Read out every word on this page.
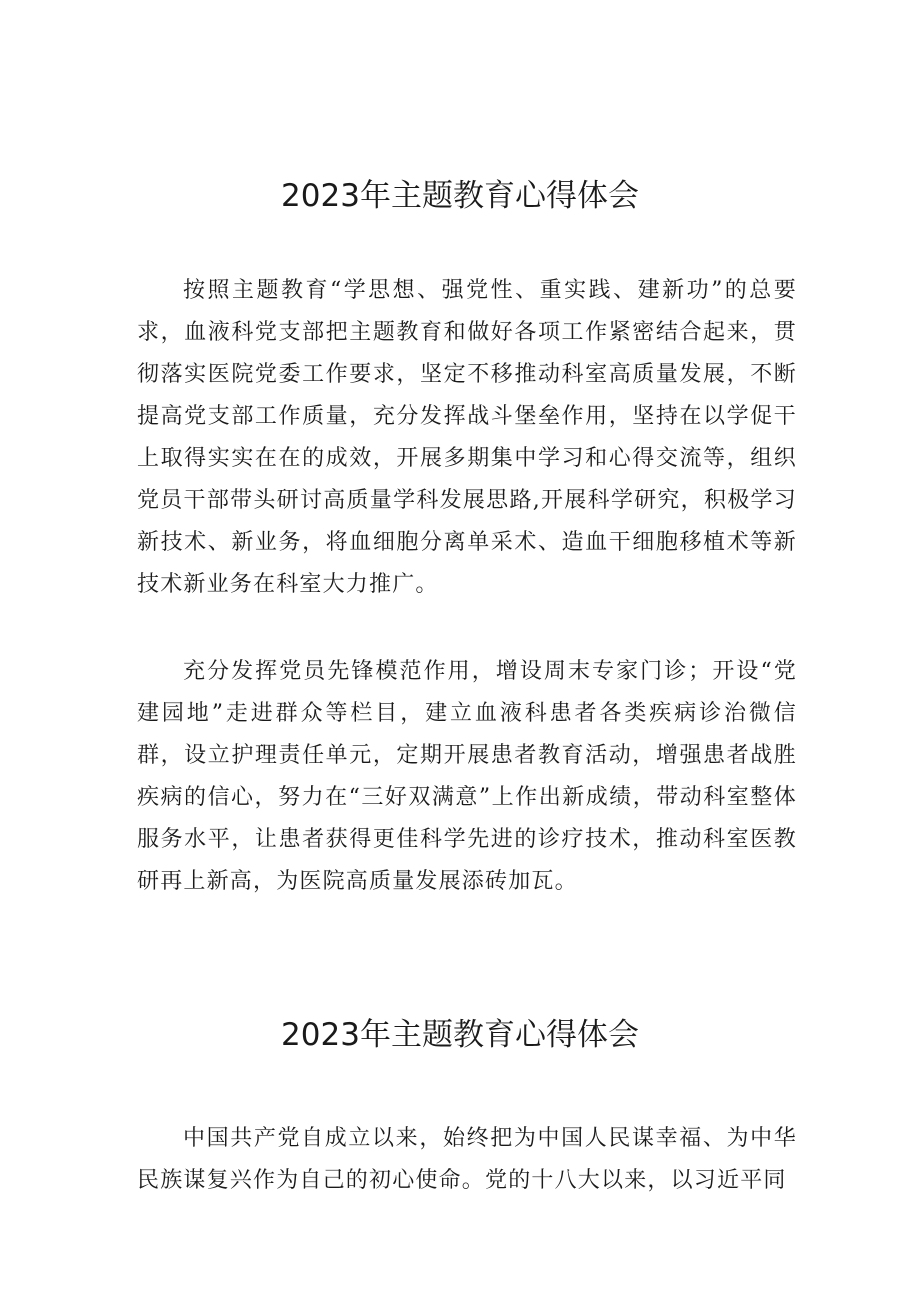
2023年主题教育心得体会

按照主题教育“学思想、强党性、重实践、建新功”的总要求，血液科党支部把主题教育和做好各项工作紧密结合起来，贯彻落实医院党委工作要求，坚定不移推动科室高质量发展，不断提高党支部工作质量，充分发挥战斗堡垒作用，坚持在以学促干上取得实实在在的成效，开展多期集中学习和心得交流等，组织党员干部带头研讨高质量学科发展思路,开展科学研究，积极学习新技术、新业务，将血细胞分离单采术、造血干细胞移植术等新技术新业务在科室大力推广。

充分发挥党员先锋模范作用，增设周末专家门诊；开设“党建园地”走进群众等栏目，建立血液科患者各类疾病诊治微信群，设立护理责任单元，定期开展患者教育活动，增强患者战胜疾病的信心，努力在“三好双满意”上作出新成绩，带动科室整体服务水平，让患者获得更佳科学先进的诊疗技术，推动科室医教研再上新高，为医院高质量发展添砖加瓦。

2023年主题教育心得体会

中国共产党自成立以来，始终把为中国人民谋幸福、为中华民族谋复兴作为自己的初心使命。党的十八大以来，以习近平同
